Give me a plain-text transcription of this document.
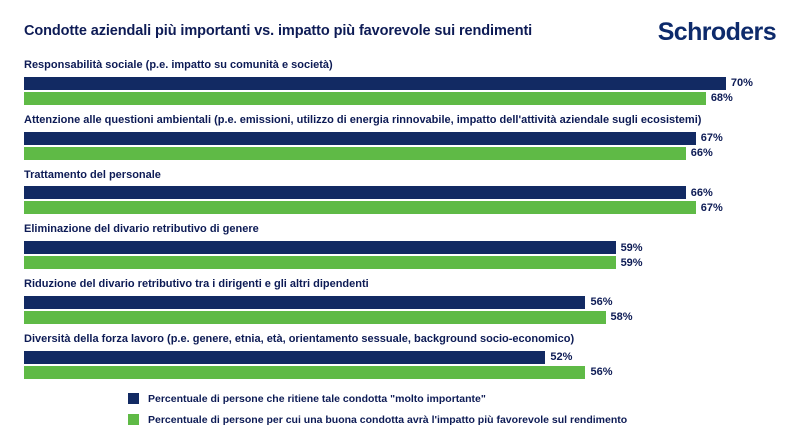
Condotte aziendali più importanti vs. impatto più favorevole sui rendimenti	Schroders
Responsabilità sociale (p.e. impatto su comunità e società)
70%
68%
Attenzione alle questioni ambientali (p.e. emissioni, utilizzo di energia rinnovabile, impatto dell'attività aziendale sugli ecosistemi)
67%
66%
Trattamento del personale
66%
67%
Eliminazione del divario retributivo di genere
59%
59%
Riduzione del divario retributivo tra i dirigenti e gli altri dipendenti
56%
58%
Diversità della forza lavoro (p.e. genere, etnia, età, orientamento sessuale, background socio-economico)
52%
56%
Percentuale di persone che ritiene tale condotta "molto importante"
Percentuale di persone per cui una buona condotta avrà l'impatto più favorevole sul rendimento
